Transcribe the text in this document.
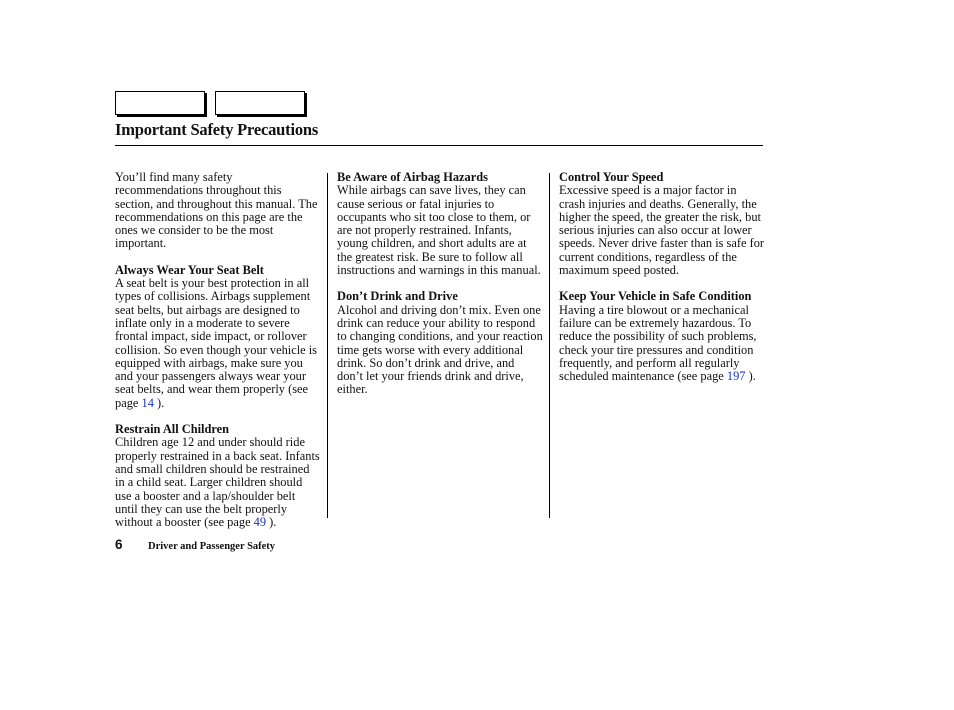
Important Safety Precautions

You’ll find many safety recommendations throughout this section, and throughout this manual. The recommendations on this page are the ones we consider to be the most important.

Always Wear Your Seat Belt

A seat belt is your best protection in all types of collisions. Airbags supplement seat belts, but airbags are designed to inflate only in a moderate to severe frontal impact, side impact, or rollover collision. So even though your vehicle is equipped with airbags, make sure you and your passengers always wear your seat belts, and wear them properly (see page 14 ).

Restrain All Children

Children age 12 and under should ride properly restrained in a back seat. Infants and small children should be restrained in a child seat. Larger children should use a booster and a lap/shoulder belt until they can use the belt properly without a booster (see page 49 ).

Be Aware of Airbag Hazards

While airbags can save lives, they can cause serious or fatal injuries to occupants who sit too close to them, or are not properly restrained. Infants, young children, and short adults are at the greatest risk. Be sure to follow all instructions and warnings in this manual.

Don’t Drink and Drive

Alcohol and driving don’t mix. Even one drink can reduce your ability to respond to changing conditions, and your reaction time gets worse with every additional drink. So don’t drink and drive, and don’t let your friends drink and drive, either.

Control Your Speed

Excessive speed is a major factor in crash injuries and deaths. Generally, the higher the speed, the greater the risk, but serious injuries can also occur at lower speeds. Never drive faster than is safe for current conditions, regardless of the maximum speed posted.

Keep Your Vehicle in Safe Condition

Having a tire blowout or a mechanical failure can be extremely hazardous. To reduce the possibility of such problems, check your tire pressures and condition frequently, and perform all regularly scheduled maintenance (see page 197 ).

6 Driver and Passenger Safety
